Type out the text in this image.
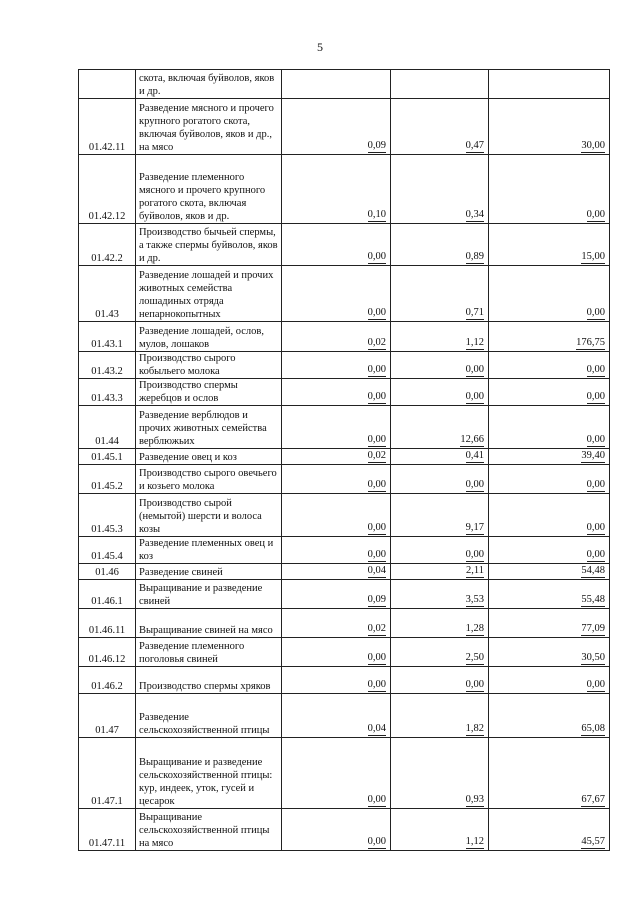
5
	скота, включая буйволов, яков и др.			
01.42.11	Разведение мясного и прочего крупного рогатого скота, включая буйволов, яков и др., на мясо	0,09	0,47	30,00
01.42.12	Разведение племенного мясного и прочего крупного рогатого скота, включая буйволов, яков и др.	0,10	0,34	0,00
01.42.2	Производство бычьей спермы, а также спермы буйволов, яков и др.	0,00	0,89	15,00
01.43	Разведение лошадей и прочих животных семейства лошадиных отряда непарнокопытных	0,00	0,71	0,00
01.43.1	Разведение лошадей, ослов, мулов, лошаков	0,02	1,12	176,75
01.43.2	Производство сырого кобыльего молока	0,00	0,00	0,00
01.43.3	Производство спермы жеребцов и ослов	0,00	0,00	0,00
01.44	Разведение верблюдов и прочих животных семейства верблюжьих	0,00	12,66	0,00
01.45.1	Разведение овец и коз	0,02	0,41	39,40
01.45.2	Производство сырого овечьего и козьего молока	0,00	0,00	0,00
01.45.3	Производство сырой (немытой) шерсти и волоса козы	0,00	9,17	0,00
01.45.4	Разведение племенных овец и коз	0,00	0,00	0,00
01.46	Разведение свиней	0,04	2,11	54,48
01.46.1	Выращивание и разведение свиней	0,09	3,53	55,48
01.46.11	Выращивание свиней на мясо	0,02	1,28	77,09
01.46.12	Разведение племенного поголовья свиней	0,00	2,50	30,50
01.46.2	Производство спермы хряков	0,00	0,00	0,00
01.47	Разведение сельскохозяйственной птицы	0,04	1,82	65,08
01.47.1	Выращивание и разведение сельскохозяйственной птицы: кур, индеек, уток, гусей и цесарок	0,00	0,93	67,67
01.47.11	Выращивание сельскохозяйственной птицы на мясо	0,00	1,12	45,57
